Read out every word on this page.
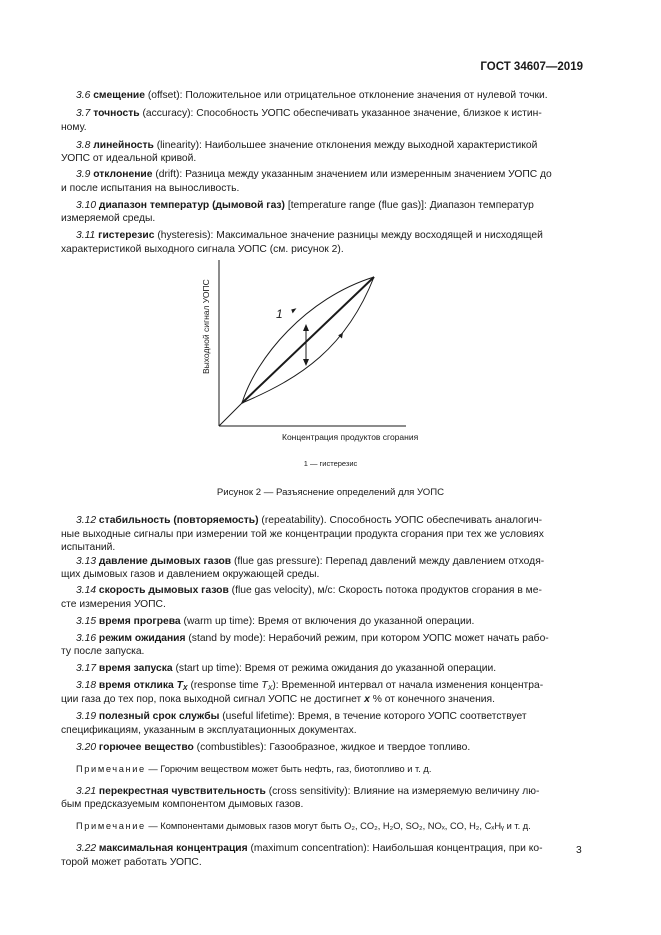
ГОСТ 34607—2019
3.6 смещение (offset): Положительное или отрицательное отклонение значения от нулевой точки.
3.7 точность (accuracy): Способность УОПС обеспечивать указанное значение, близкое к истин-
ному.
3.8 линейность (linearity): Наибольшее значение отклонения между выходной характеристикой
УОПС от идеальной кривой.
3.9 отклонение (drift): Разница между указанным значением или измеренным значением УОПС до
и после испытания на выносливость.
3.10 диапазон температур (дымовой газ) [temperature range (flue gas)]: Диапазон температур
измеряемой среды.
3.11 гистерезис (hysteresis): Максимальное значение разницы между восходящей и нисходящей
характеристикой выходного сигнала УОПС (см. рисунок 2).
1
Выходной сигнал УОПС
Концентрация продуктов сгорания
1 — гистерезис
Рисунок 2 — Разъяснение определений для УОПС
3.12 стабильность (повторяемость) (repeatability). Способность УОПС обеспечивать аналогич-
ные выходные сигналы при измерении той же концентрации продукта сгорания при тех же условиях испытаний.
3.13 давление дымовых газов (flue gas pressure): Перепад давлений между давлением отходя-
щих дымовых газов и давлением окружающей среды.
3.14 скорость дымовых газов (flue gas velocity), м/с: Скорость потока продуктов сгорания в ме-
сте измерения УОПС.
3.15 время прогрева (warm up time): Время от включения до указанной операции.
3.16 режим ожидания (stand by mode): Нерабочий режим, при котором УОПС может начать рабо-
ту после запуска.
3.17 время запуска (start up time): Время от режима ожидания до указанной операции.
3.18 время отклика $T_X$ (response time $T_X$): Временной интервал от начала изменения концентра-
ции газа до тех пор, пока выходной сигнал УОПС не достигнет x % от конечного значения.
3.19 полезный срок службы (useful lifetime): Время, в течение которого УОПС соответствует
спецификациям, указанным в эксплуатационных документах.
3.20 горючее вещество (combustibles): Газообразное, жидкое и твердое топливо.
Примечание — Горючим веществом может быть нефть, газ, биотопливо и т. д.
3.21 перекрестная чувствительность (cross sensitivity): Влияние на измеряемую величину лю-
бым предсказуемым компонентом дымовых газов.
Примечание — Компонентами дымовых газов могут быть O₂, CO₂, H₂O, SO₂, NOₓ, CO, H₂, CₓHᵧ и т. д.
3.22 максимальная концентрация (maximum concentration): Наибольшая концентрация, при ко-
торой может работать УОПС.
3
